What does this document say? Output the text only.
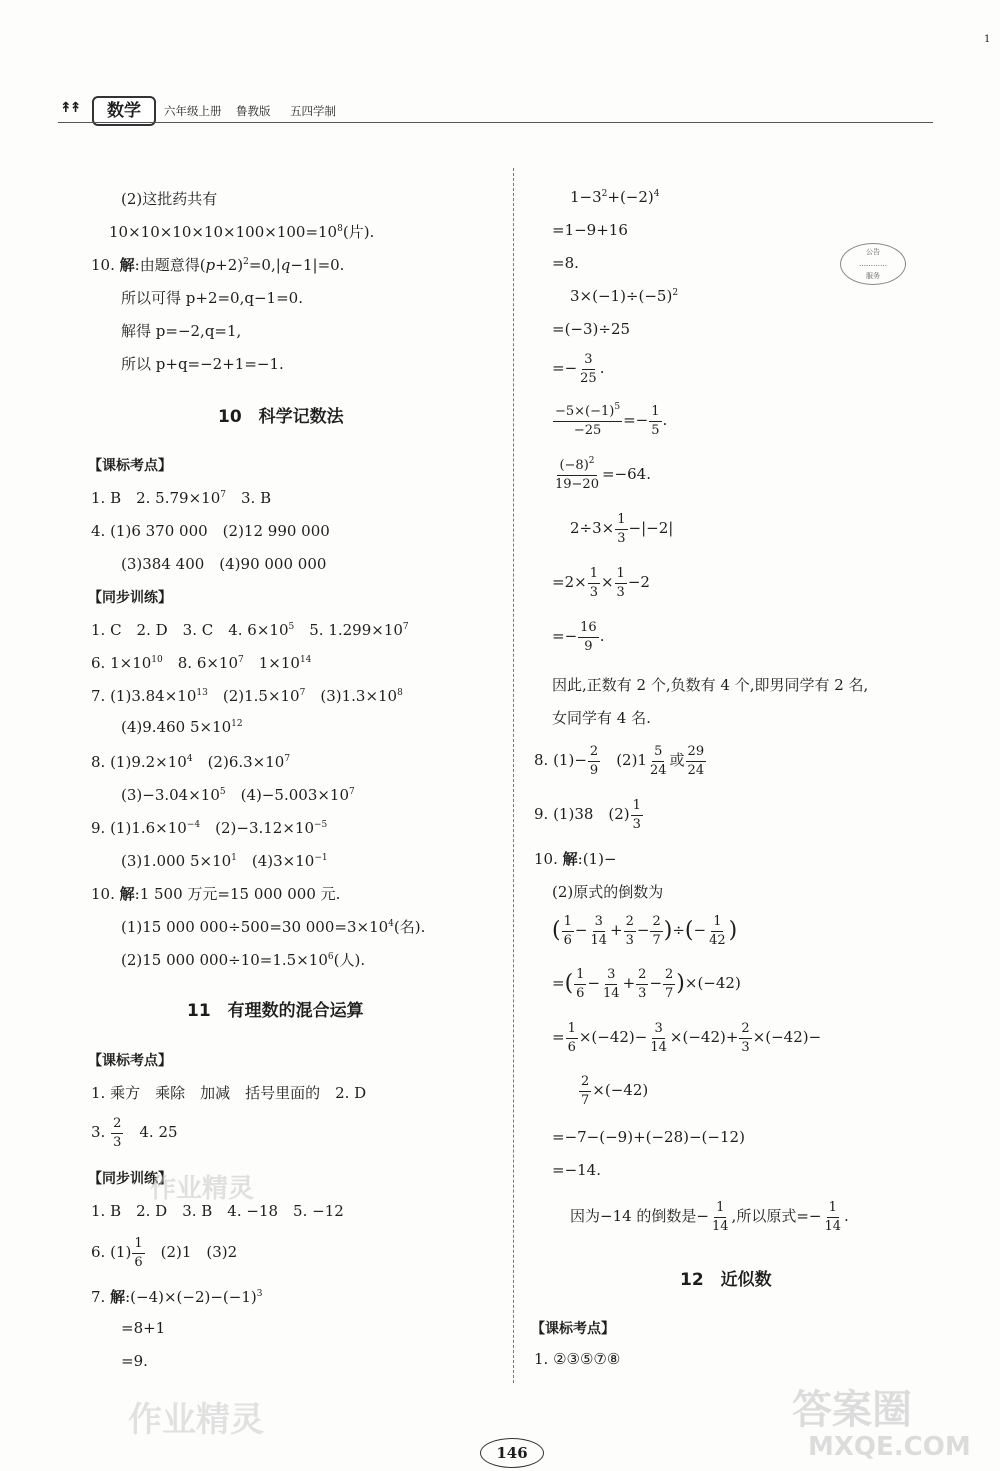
1
↟↟	数学	六年级上册 鲁教版 五四学制
(2)这批药共有
$10\times 10\times 10\times 10\times 100\times 100=10^8$(片).
10. 解:由题意得$(p+2)^2=0,|q-1|=0$.
所以可得 p+2=0,q−1=0.
解得 p=−2,q=1,
所以 p+q=−2+1=−1.
10　科学记数法
【课标考点】
1. B　2. $5.79\times 10^7$　3. B
4. (1)6 370 000　(2)12 990 000
(3)384 400　(4)90 000 000
【同步训练】
1. C　2. D　3. C　4. $6\times 10^5$　5. $1.299\times 10^7$
6. $1\times 10^{10}$　8. $6\times 10^7$　$1\times 10^{14}$
7. $(1)3.84\times 10^{13}$　$(2)1.5\times 10^7$　$(3)1.3\times 10^8$
(4)9.460 $5\times 10^{12}$
8. $(1)9.2\times 10^4$　$(2)6.3\times 10^7$
$(3)-3.04\times 10^5$　$(4)-5.003\times 10^7$
9. $(1)1.6\times 10^{-4}$　$(2)-3.12\times 10^{-5}$
(3)1.000 $5\times 10^1$　$(4)3\times 10^{-1}$
10. 解:1 500 万元=15 000 000 元.
(1)15 000 000÷500=30 $000=3\times 10^4$(名).
(2)15 000 $000\div 10=1.5\times 10^6$(人).
11　有理数的混合运算
【课标考点】
1. 乘方　乘除　加减　括号里面的　2. D
3. $\frac{2}{3}$ 　4. 25
【同步训练】
1. B　2. D　3. B　4. −18　5. −12
6. $(1) \frac{1}{6}$ 　(2)1　(3)2
7. 解$:(-4)\times(-2)-(-1)^3$
=8+1
=9.
$1-3^2+(-2)^4$
=1−9+16
=8.
$3\times(-1)\div(-5)^2$
=(−3)÷25
=− $\frac{3}{25}$ .
$\frac{-5\times(-1)^5}{-25} =- \frac{1}{5}$ .
$\frac{(-8)^2}{19-20} =-64$.
$2\div 3\times \frac{1}{3} -|-2|$
$=2\times \frac{1}{3} \times \frac{1}{3} -2$
=− $\frac{16}{9}$ .
因此,正数有 2 个,负数有 4 个,即男同学有 2 名,
女同学有 4 名.
8. $(1)- \frac{2}{9}$ 　$(2)1 \frac{5}{24}$ 或 $\frac{29}{24}$
9. (1)38　$(2) \frac{1}{3}$
10. 解:(1)−
(2)原式的倒数为
( $\frac{1}{6} - \frac{3}{14} + \frac{2}{3} - \frac{2}{7}$ )÷(− $\frac{1}{42}$ )
=( $\frac{1}{6} - \frac{3}{14} + \frac{2}{3} - \frac{2}{7} )\times(-42)$
= $\frac{1}{6} \times(-42)- \frac{3}{14} \times(-42)+ \frac{2}{3} \times(-42)-$
$\frac{2}{7} \times(-42)$
=−7−(−9)+(−28)−(−12)
=−14.
因为−14 的倒数是− $\frac{1}{14}$ ,所以原式=− $\frac{1}{14}$ .
12　近似数
【课标考点】
1. ②③⑤⑦⑧
公告
…………
服务
作业精灵
作业精灵	答案圈
MXQE.COM
146
